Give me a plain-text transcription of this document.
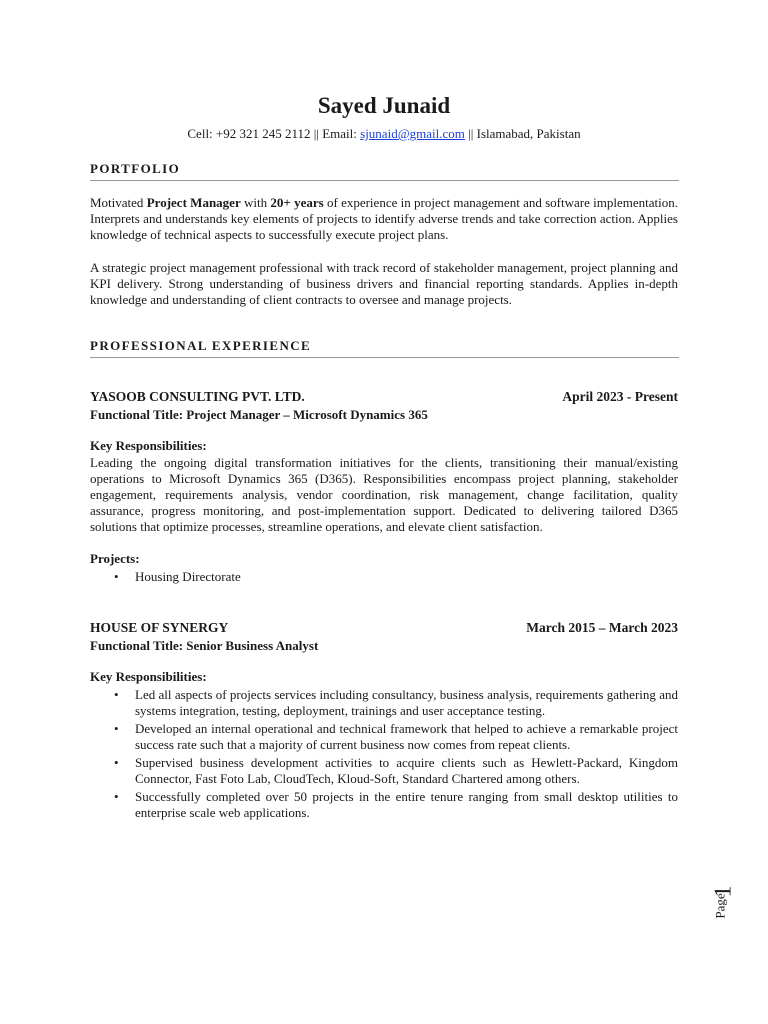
Sayed Junaid
Cell: +92 321 245 2112 || Email: sjunaid@gmail.com || Islamabad, Pakistan
PORTFOLIO

Motivated Project Manager with 20+ years of experience in project management and software implementation. Interprets and understands key elements of projects to identify adverse trends and take correction action. Applies knowledge of technical aspects to successfully execute project plans.

A strategic project management professional with track record of stakeholder management, project planning and KPI delivery. Strong understanding of business drivers and financial reporting standards. Applies in-depth knowledge and understanding of client contracts to oversee and manage projects.

PROFESSIONAL EXPERIENCE
YASOOB CONSULTING PVT. LTD.	April 2023 - Present
Functional Title: Project Manager – Microsoft Dynamics 365
Key Responsibilities:

Leading the ongoing digital transformation initiatives for the clients, transitioning their manual/existing operations to Microsoft Dynamics 365 (D365). Responsibilities encompass project planning, stakeholder engagement, requirements analysis, vendor coordination, risk management, change facilitation, quality assurance, progress monitoring, and post-implementation support. Dedicated to delivering tailored D365 solutions that optimize processes, streamline operations, and elevate client satisfaction.

Projects:
• Housing Directorate
HOUSE OF SYNERGY	March 2015 – March 2023
Functional Title: Senior Business Analyst
Key Responsibilities:
• Led all aspects of projects services including consultancy, business analysis, requirements gathering and systems integration, testing, deployment, trainings and user acceptance testing.
• Developed an internal operational and technical framework that helped to achieve a remarkable project success rate such that a majority of current business now comes from repeat clients.
• Supervised business development activities to acquire clients such as Hewlett-Packard, Kingdom Connector, Fast Foto Lab, CloudTech, Kloud-Soft, Standard Chartered among others.
• Successfully completed over 50 projects in the entire tenure ranging from small desktop utilities to enterprise scale web applications.
Page
1
